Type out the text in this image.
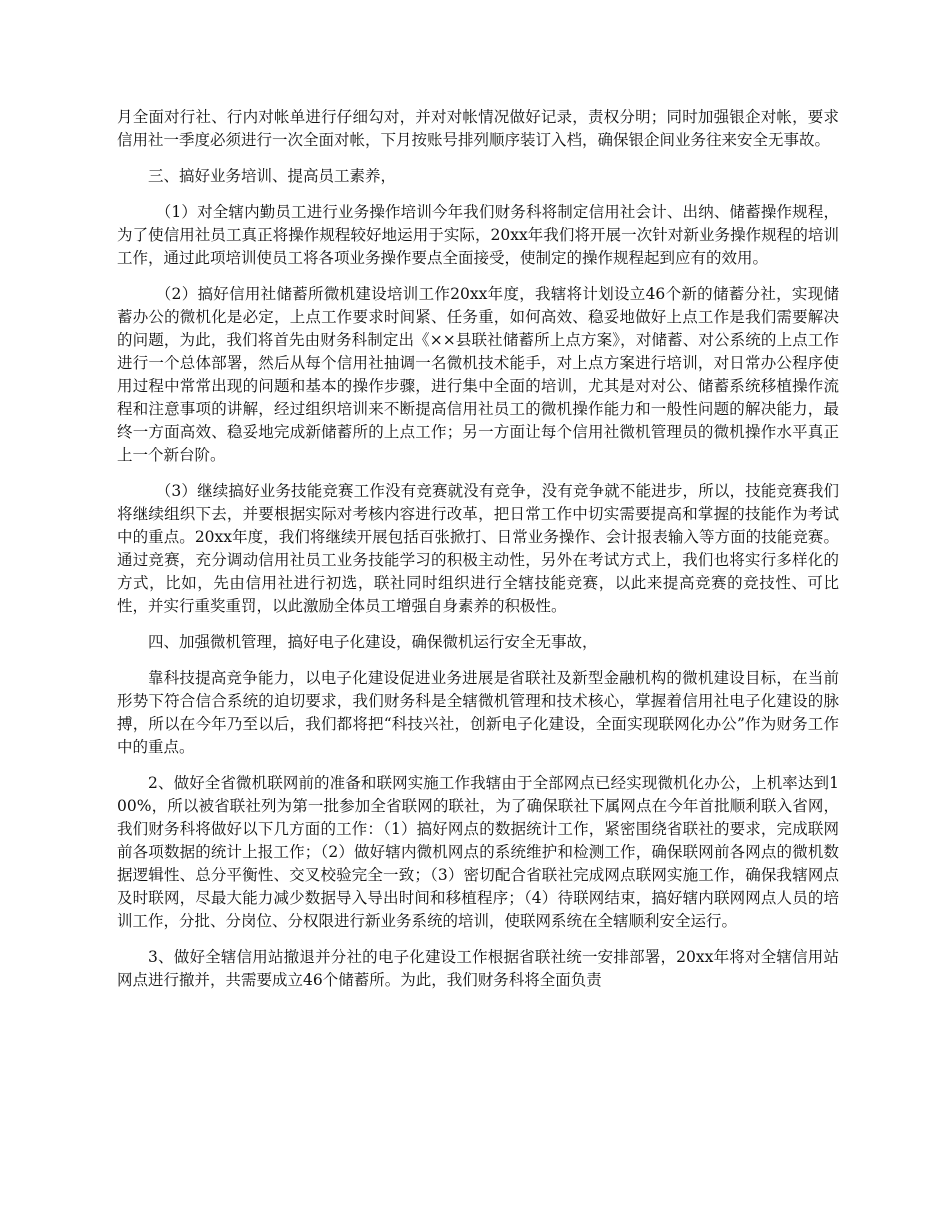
月全面对行社、行内对帐单进行仔细勾对，并对对帐情况做好记录，责权分明；同时加强银企对帐，要求信用社一季度必须进行一次全面对帐，下月按账号排列顺序装订入档，确保银企间业务往来安全无事故。

三、搞好业务培训、提高员工素养，

（1）对全辖内勤员工进行业务操作培训今年我们财务科将制定信用社会计、出纳、储蓄操作规程，为了使信用社员工真正将操作规程较好地运用于实际，20xx年我们将开展一次针对新业务操作规程的培训工作，通过此项培训使员工将各项业务操作要点全面接受，使制定的操作规程起到应有的效用。

（2）搞好信用社储蓄所微机建设培训工作20xx年度，我辖将计划设立46个新的储蓄分社，实现储蓄办公的微机化是必定，上点工作要求时间紧、任务重，如何高效、稳妥地做好上点工作是我们需要解决的问题，为此，我们将首先由财务科制定出《××县联社储蓄所上点方案》，对储蓄、对公系统的上点工作进行一个总体部署，然后从每个信用社抽调一名微机技术能手，对上点方案进行培训，对日常办公程序使用过程中常常出现的问题和基本的操作步骤，进行集中全面的培训，尤其是对对公、储蓄系统移植操作流程和注意事项的讲解，经过组织培训来不断提高信用社员工的微机操作能力和一般性问题的解决能力，最终一方面高效、稳妥地完成新储蓄所的上点工作；另一方面让每个信用社微机管理员的微机操作水平真正上一个新台阶。

（3）继续搞好业务技能竞赛工作没有竞赛就没有竞争，没有竞争就不能进步，所以，技能竞赛我们将继续组织下去，并要根据实际对考核内容进行改革，把日常工作中切实需要提高和掌握的技能作为考试中的重点。20xx年度，我们将继续开展包括百张掀打、日常业务操作、会计报表输入等方面的技能竞赛。通过竞赛，充分调动信用社员工业务技能学习的积极主动性，另外在考试方式上，我们也将实行多样化的方式，比如，先由信用社进行初选，联社同时组织进行全辖技能竞赛，以此来提高竞赛的竞技性、可比性，并实行重奖重罚，以此激励全体员工增强自身素养的积极性。

四、加强微机管理，搞好电子化建设，确保微机运行安全无事故，

靠科技提高竞争能力，以电子化建设促进业务进展是省联社及新型金融机构的微机建设目标，在当前形势下符合信合系统的迫切要求，我们财务科是全辖微机管理和技术核心，掌握着信用社电子化建设的脉搏，所以在今年乃至以后，我们都将把“科技兴社，创新电子化建设，全面实现联网化办公”作为财务工作中的重点。

2、做好全省微机联网前的准备和联网实施工作我辖由于全部网点已经实现微机化办公，上机率达到100%，所以被省联社列为第一批参加全省联网的联社，为了确保联社下属网点在今年首批顺利联入省网，我们财务科将做好以下几方面的工作：（1）搞好网点的数据统计工作，紧密围绕省联社的要求，完成联网前各项数据的统计上报工作；（2）做好辖内微机网点的系统维护和检测工作，确保联网前各网点的微机数据逻辑性、总分平衡性、交叉校验完全一致；（3）密切配合省联社完成网点联网实施工作，确保我辖网点及时联网，尽最大能力减少数据导入导出时间和移植程序；（4）待联网结束，搞好辖内联网网点人员的培训工作，分批、分岗位、分权限进行新业务系统的培训，使联网系统在全辖顺利安全运行。

3、做好全辖信用站撤退并分社的电子化建设工作根据省联社统一安排部署，20xx年将对全辖信用站网点进行撤并，共需要成立46个储蓄所。为此，我们财务科将全面负责
